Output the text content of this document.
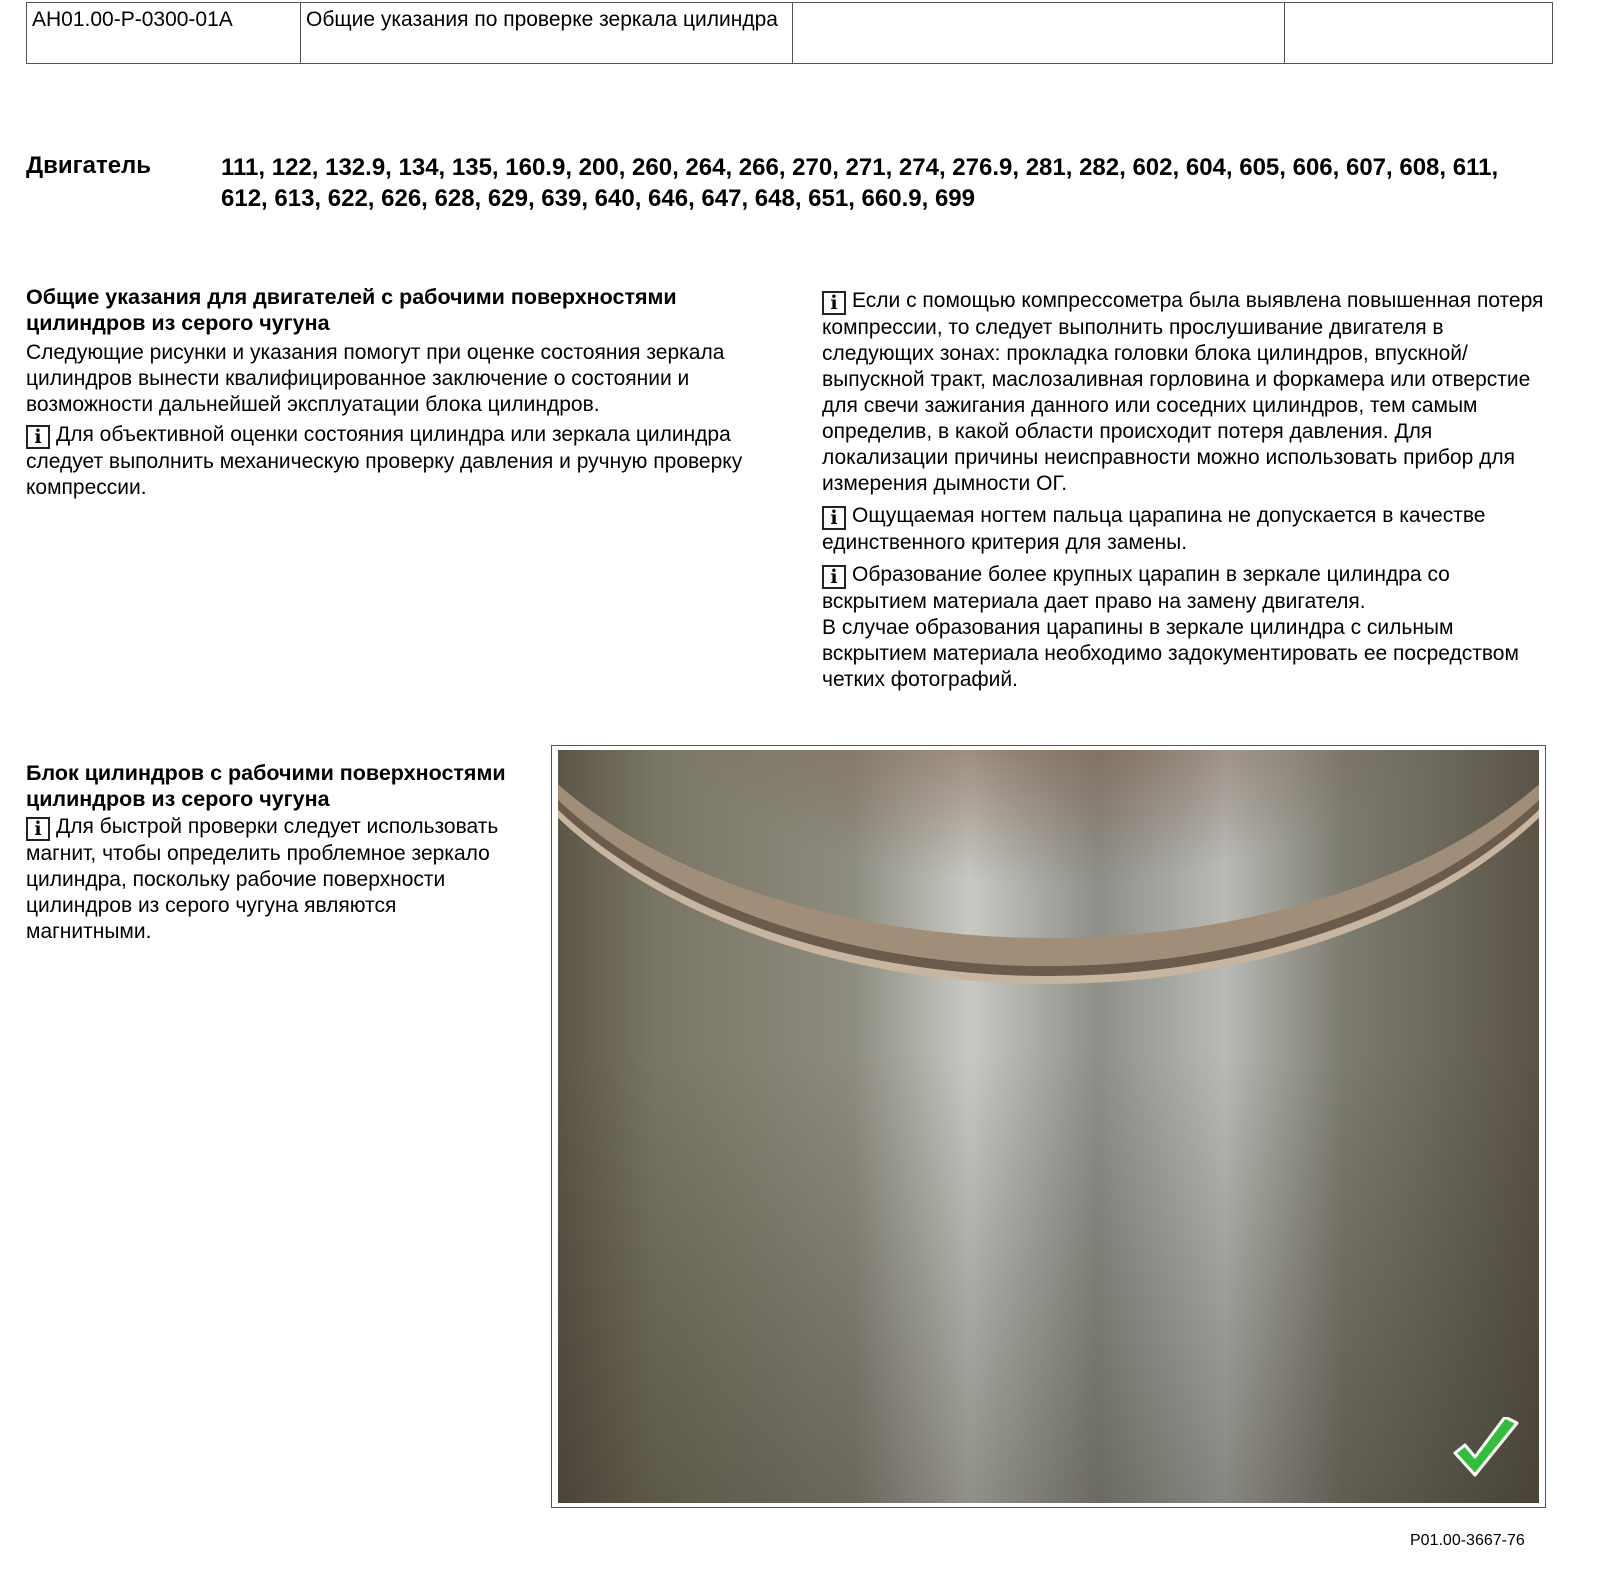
AH01.00-P-0300-01A	Общие указания по проверке зеркала цилиндра		
Двигатель	111, 122, 132.9, 134, 135, 160.9, 200, 260, 264, 266, 270, 271, 274, 276.9, 281, 282, 602, 604, 605, 606, 607, 608, 611, 612, 613, 622, 626, 628, 629, 639, 640, 646, 647, 648, 651, 660.9, 699
Общие указания для двигателей с рабочими поверхностями цилиндров из серого чугуна

Следующие рисунки и указания помогут при оценке состояния зеркала цилиндров вынести квалифицированное заключение о состоянии и возможности дальнейшей эксплуатации блока цилиндров.

i Для объективной оценки состояния цилиндра или зеркала цилиндра следует выполнить механическую проверку давления и ручную проверку компрессии.

i Если с помощью компрессометра была выявлена повышенная потеря компрессии, то следует выполнить прослушивание двигателя в следующих зонах: прокладка головки блока цилиндров, впускной/выпускной тракт, маслозаливная горловина и форкамера или отверстие для свечи зажигания данного или соседних цилиндров, тем самым определив, в какой области происходит потеря давления. Для локализации причины неисправности можно использовать прибор для измерения дымности ОГ.

i Ощущаемая ногтем пальца царапина не допускается в качестве единственного критерия для замены.

i Образование более крупных царапин в зеркале цилиндра со вскрытием материала дает право на замену двигателя.

В случае образования царапины в зеркале цилиндра с сильным вскрытием материала необходимо задокументировать ее посредством четких фотографий.

Блок цилиндров с рабочими поверхностями цилиндров из серого чугуна

i Для быстрой проверки следует использовать магнит, чтобы определить проблемное зеркало цилиндра, поскольку рабочие поверхности цилиндров из серого чугуна являются магнитными.

P01.00-3667-76
